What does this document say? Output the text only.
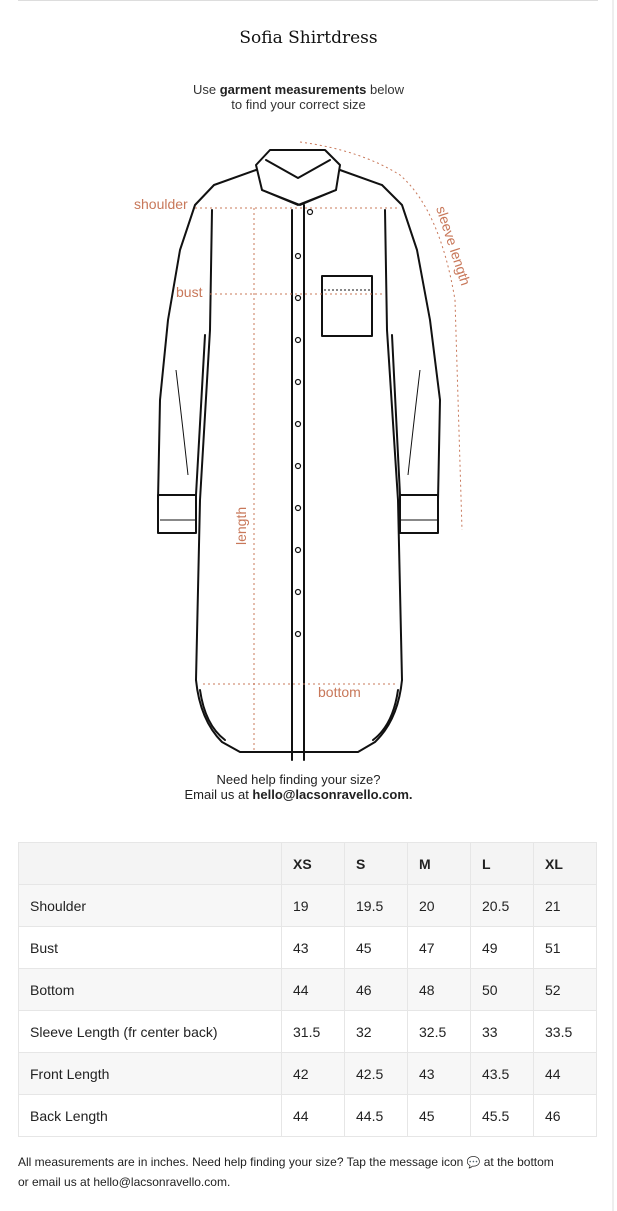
Sofia Shirtdress
Use garment measurements below
to find your correct size
shoulder
bust
bottom
length
sleeve length
Need help finding your size?
Email us at hello@lacsonravello.com.
	XS	S	M	L	XL
Shoulder	19	19.5	20	20.5	21
Bust	43	45	47	49	51
Bottom	44	46	48	50	52
Sleeve Length (fr center back)	31.5	32	32.5	33	33.5
Front Length	42	42.5	43	43.5	44
Back Length	44	44.5	45	45.5	46
All measurements are in inches. Need help finding your size? Tap the message icon 💬 at the bottom
or email us at hello@lacsonravello.com.
